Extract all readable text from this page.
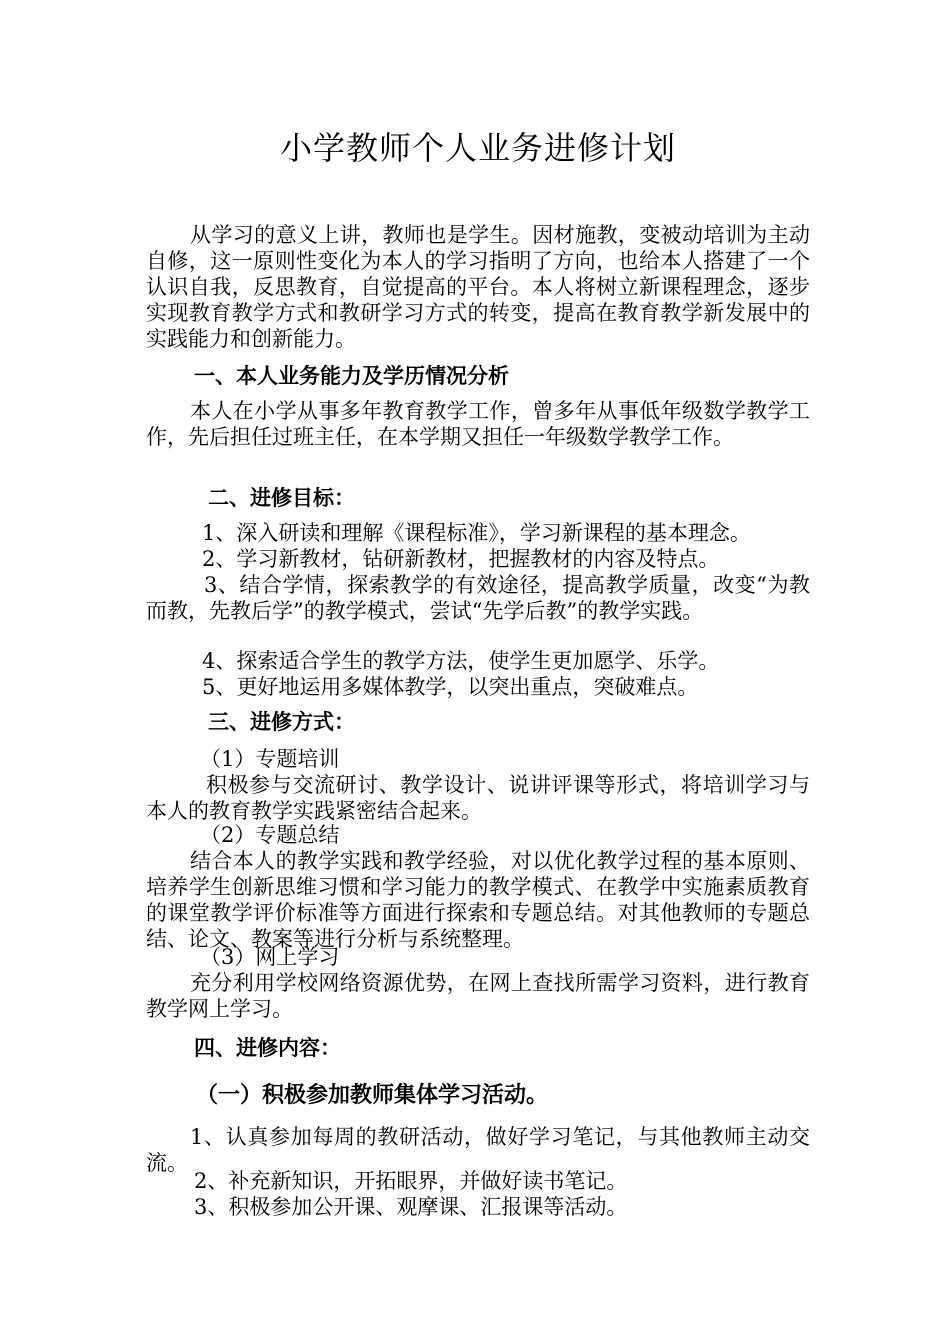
小学教师个人业务进修计划
从学习的意义上讲，教师也是学生。因材施教，变被动培训为主动自修，这一原则性变化为本人的学习指明了方向，也给本人搭建了一个认识自我，反思教育，自觉提高的平台。本人将树立新课程理念，逐步实现教育教学方式和教研学习方式的转变，提高在教育教学新发展中的实践能力和创新能力。
一、本人业务能力及学历情况分析
本人在小学从事多年教育教学工作，曾多年从事低年级数学教学工作，先后担任过班主任，在本学期又担任一年级数学教学工作。
二、进修目标：
1、深入研读和理解《课程标准》，学习新课程的基本理念。
2、学习新教材，钻研新教材，把握教材的内容及特点。
3、结合学情，探索教学的有效途径，提高教学质量，改变“为教而教，先教后学”的教学模式，尝试“先学后教”的教学实践。
4、探索适合学生的教学方法，使学生更加愿学、乐学。
5、更好地运用多媒体教学，以突出重点，突破难点。
三、进修方式：
（1）专题培训
积极参与交流研讨、教学设计、说讲评课等形式，将培训学习与本人的教育教学实践紧密结合起来。
（2）专题总结
结合本人的教学实践和教学经验，对以优化教学过程的基本原则、培养学生创新思维习惯和学习能力的教学模式、在教学中实施素质教育的课堂教学评价标准等方面进行探索和专题总结。对其他教师的专题总结、论文、教案等进行分析与系统整理。
（3）网上学习
充分利用学校网络资源优势，在网上查找所需学习资料，进行教育教学网上学习。
四、进修内容：
（一）积极参加教师集体学习活动。
1、认真参加每周的教研活动，做好学习笔记，与其他教师主动交流。
2、补充新知识，开拓眼界，并做好读书笔记。
3、积极参加公开课、观摩课、汇报课等活动。
